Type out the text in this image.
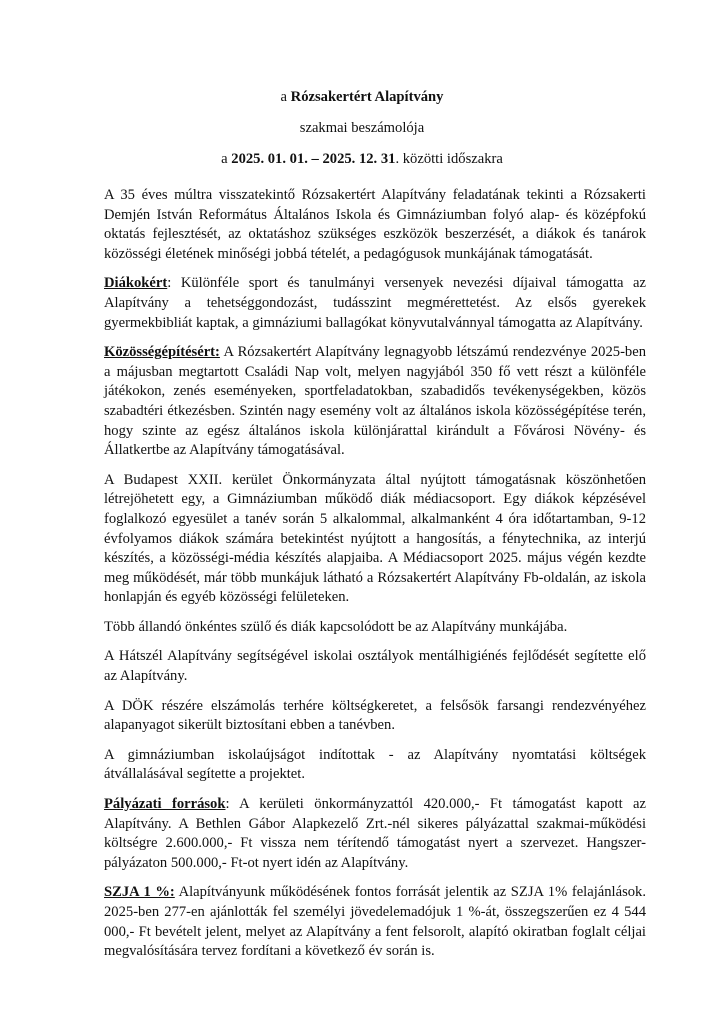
a Rózsakertért Alapítvány
szakmai beszámolója
a 2025. 01. 01. – 2025. 12. 31. közötti időszakra

A 35 éves múltra visszatekintő Rózsakertért Alapítvány feladatának tekinti a Rózsakerti Demjén István Református Általános Iskola és Gimnáziumban folyó alap- és középfokú oktatás fejlesztését, az oktatáshoz szükséges eszközök beszerzését, a diákok és tanárok közösségi életének minőségi jobbá tételét, a pedagógusok munkájának támogatását.

Diákokért: Különféle sport és tanulmányi versenyek nevezési díjaival támogatta az Alapítvány a tehetséggondozást, tudásszint megmérettetést. Az elsős gyerekek gyermekbibliát kaptak, a gimnáziumi ballagókat könyvutalvánnyal támogatta az Alapítvány.

Közösségépítésért: A Rózsakertért Alapítvány legnagyobb létszámú rendezvénye 2025-ben a májusban megtartott Családi Nap volt, melyen nagyjából 350 fő vett részt a különféle játékokon, zenés eseményeken, sportfeladatokban, szabadidős tevékenységekben, közös szabadtéri étkezésben. Szintén nagy esemény volt az általános iskola közösségépítése terén, hogy szinte az egész általános iskola különjárattal kirándult a Fővárosi Növény- és Állatkertbe az Alapítvány támogatásával.

A Budapest XXII. kerület Önkormányzata által nyújtott támogatásnak köszönhetően létrejöhetett egy, a Gimnáziumban működő diák médiacsoport. Egy diákok képzésével foglalkozó egyesület a tanév során 5 alkalommal, alkalmanként 4 óra időtartamban, 9-12 évfolyamos diákok számára betekintést nyújtott a hangosítás, a fénytechnika, az interjú készítés, a közösségi-média készítés alapjaiba. A Médiacsoport 2025. május végén kezdte meg működését, már több munkájuk látható a Rózsakertért Alapítvány Fb-oldalán, az iskola honlapján és egyéb közösségi felületeken.

Több állandó önkéntes szülő és diák kapcsolódott be az Alapítvány munkájába.

A Hátszél Alapítvány segítségével iskolai osztályok mentálhigiénés fejlődését segítette elő az Alapítvány.

A DÖK részére elszámolás terhére költségkeretet, a felsősök farsangi rendezvényéhez alapanyagot sikerült biztosítani ebben a tanévben.

A gimnáziumban iskolaújságot indítottak - az Alapítvány nyomtatási költségek átvállalásával segítette a projektet.

Pályázati források: A kerületi önkormányzattól 420.000,- Ft támogatást kapott az Alapítvány. A Bethlen Gábor Alapkezelő Zrt.-nél sikeres pályázattal szakmai-működési költségre 2.600.000,- Ft vissza nem térítendő támogatást nyert a szervezet. Hangszer-pályázaton 500.000,- Ft-ot nyert idén az Alapítvány.

SZJA 1 %: Alapítványunk működésének fontos forrását jelentik az SZJA 1% felajánlások. 2025-ben 277-en ajánlották fel személyi jövedelemadójuk 1 %-át, összegszerűen ez 4 544 000,- Ft bevételt jelent, melyet az Alapítvány a fent felsorolt, alapító okiratban foglalt céljai megvalósítására tervez fordítani a következő év során is.
